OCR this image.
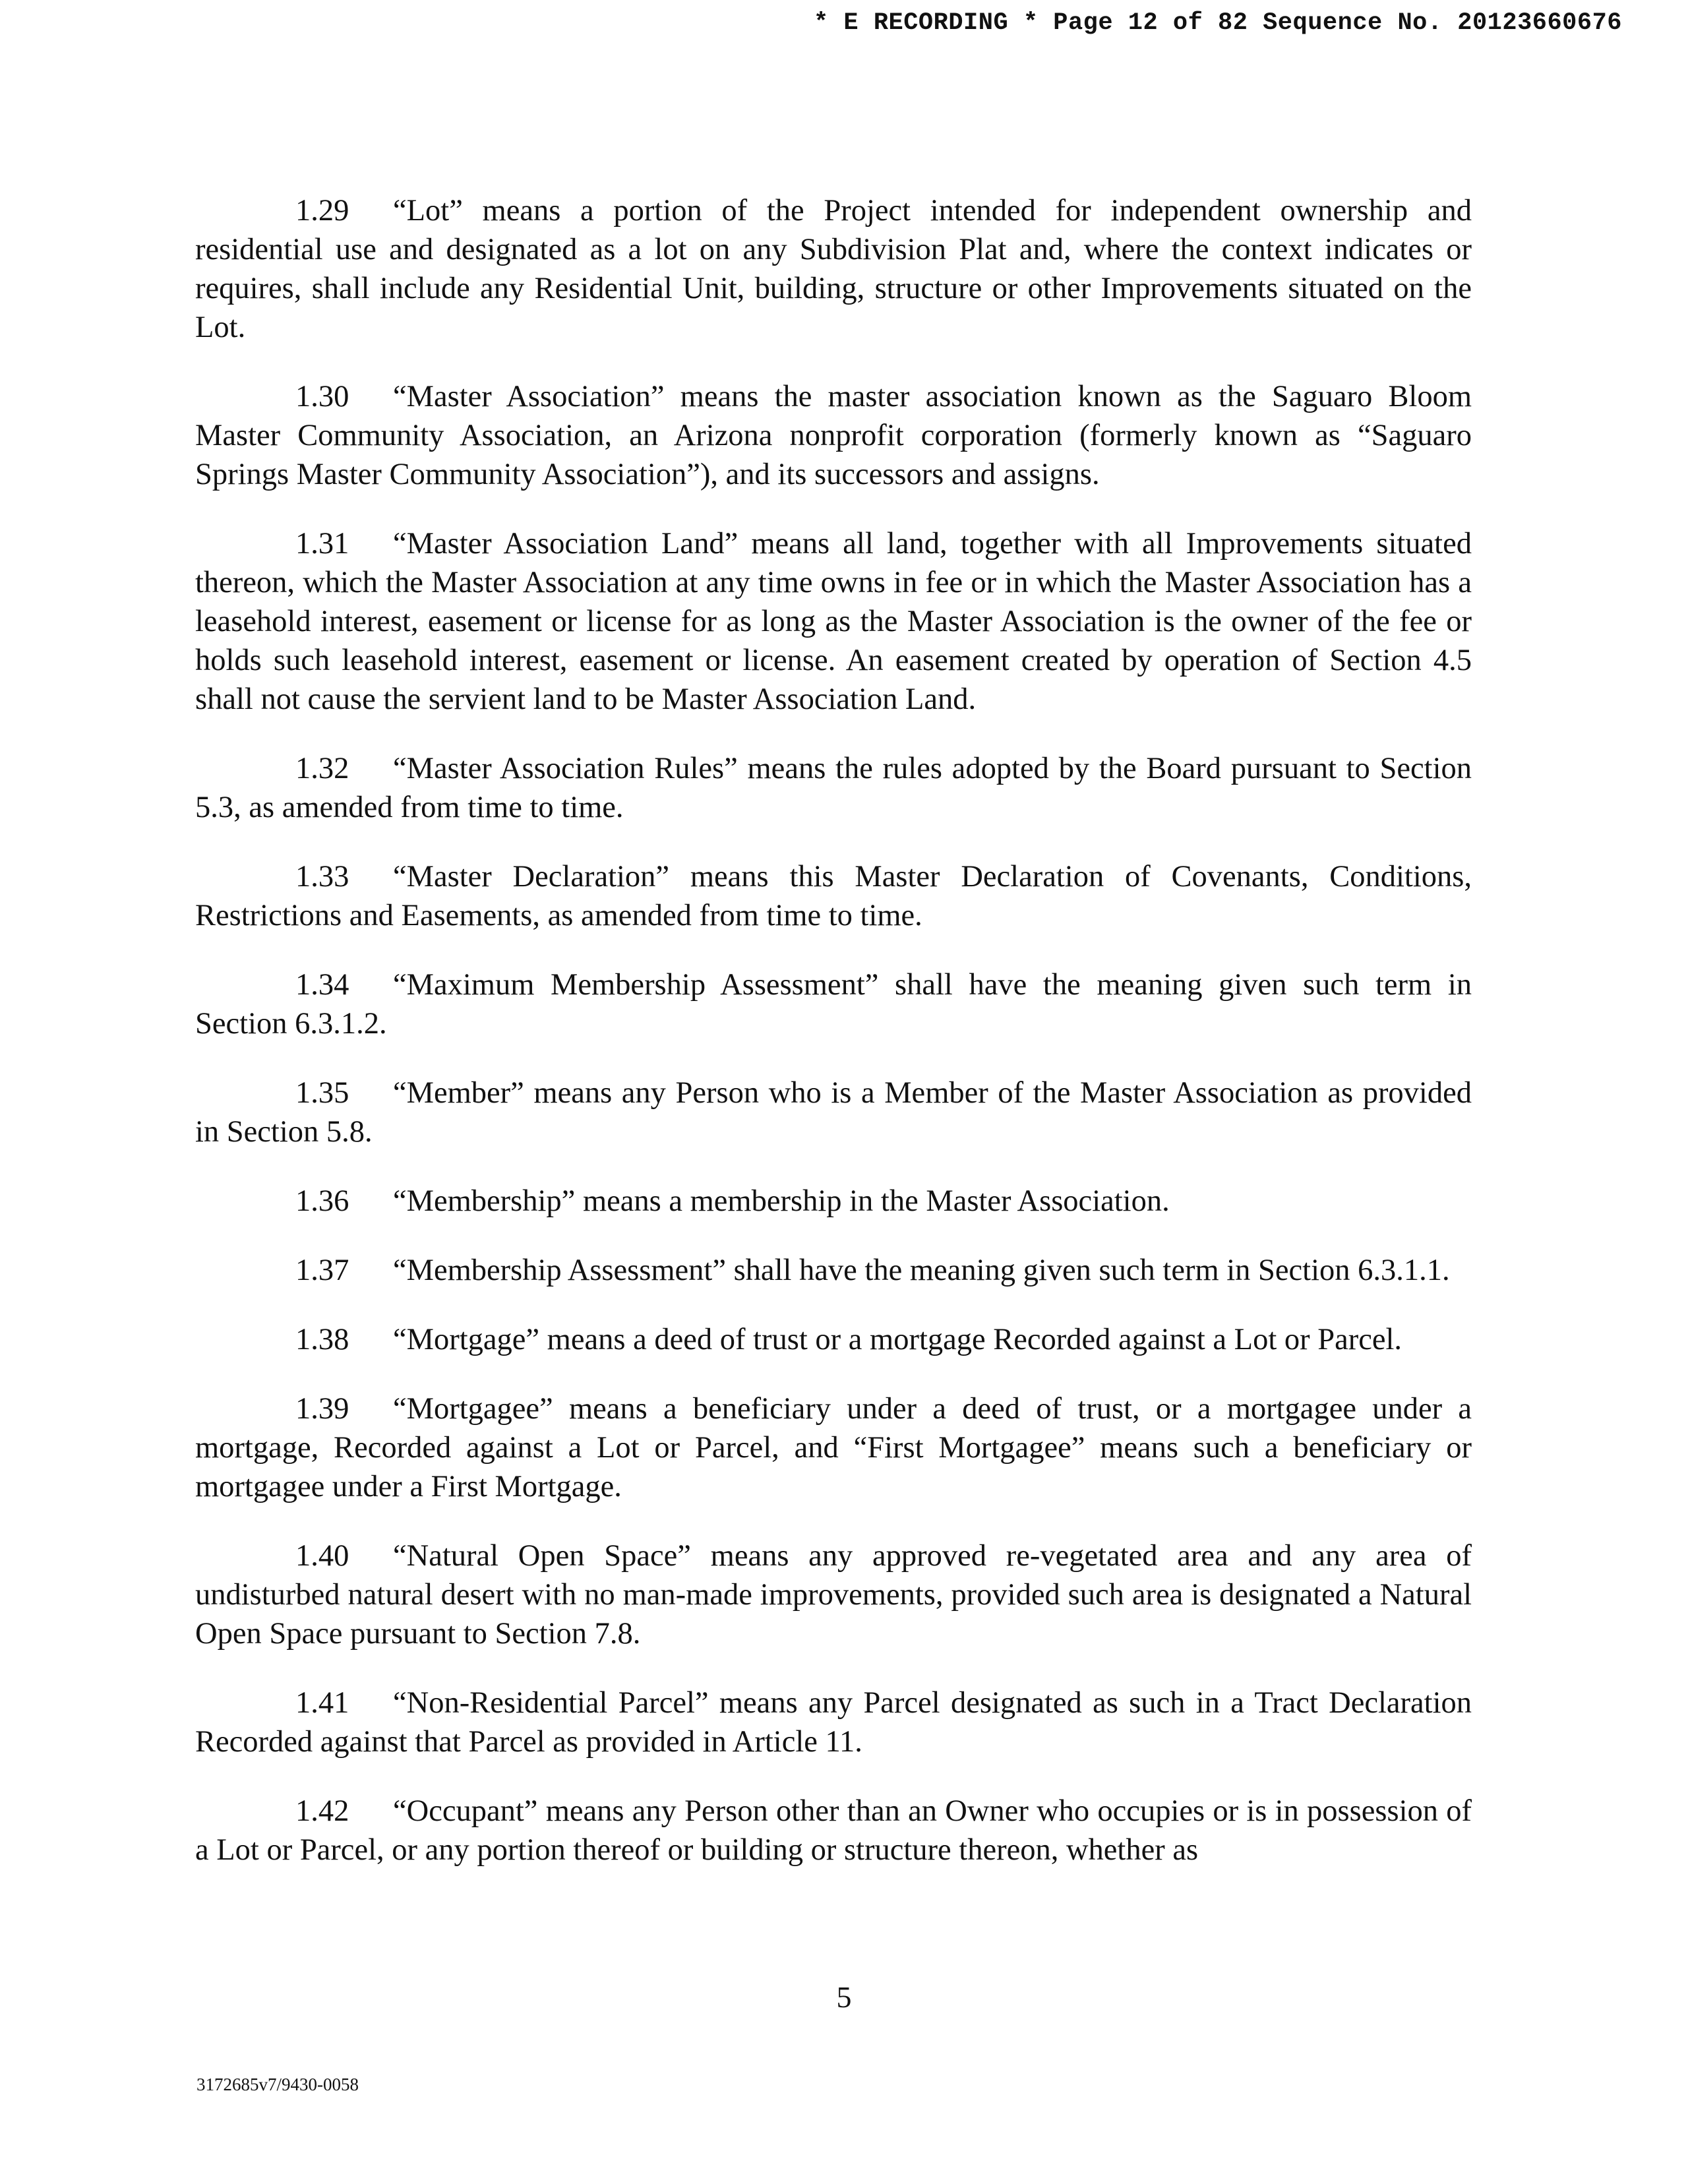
* E RECORDING * Page 12 of 82 Sequence No. 20123660676

1.29 “Lot” means a portion of the Project intended for independent ownership and residential use and designated as a lot on any Subdivision Plat and, where the context indicates or requires, shall include any Residential Unit, building, structure or other Improvements situated on the Lot.

1.30 “Master Association” means the master association known as the Saguaro Bloom Master Community Association, an Arizona nonprofit corporation (formerly known as “Saguaro Springs Master Community Association”), and its successors and assigns.

1.31 “Master Association Land” means all land, together with all Improvements situated thereon, which the Master Association at any time owns in fee or in which the Master Association has a leasehold interest, easement or license for as long as the Master Association is the owner of the fee or holds such leasehold interest, easement or license. An easement created by operation of Section 4.5 shall not cause the servient land to be Master Association Land.

1.32 “Master Association Rules” means the rules adopted by the Board pursuant to Section 5.3, as amended from time to time.

1.33 “Master Declaration” means this Master Declaration of Covenants, Conditions, Restrictions and Easements, as amended from time to time.

1.34 “Maximum Membership Assessment” shall have the meaning given such term in Section 6.3.1.2.

1.35 “Member” means any Person who is a Member of the Master Association as provided in Section 5.8.

1.36 “Membership” means a membership in the Master Association.

1.37 “Membership Assessment” shall have the meaning given such term in Section 6.3.1.1.

1.38 “Mortgage” means a deed of trust or a mortgage Recorded against a Lot or Parcel.

1.39 “Mortgagee” means a beneficiary under a deed of trust, or a mortgagee under a mortgage, Recorded against a Lot or Parcel, and “First Mortgagee” means such a beneficiary or mortgagee under a First Mortgage.

1.40 “Natural Open Space” means any approved re-vegetated area and any area of undisturbed natural desert with no man-made improvements, provided such area is designated a Natural Open Space pursuant to Section 7.8.

1.41 “Non-Residential Parcel” means any Parcel designated as such in a Tract Declaration Recorded against that Parcel as provided in Article 11.

1.42 “Occupant” means any Person other than an Owner who occupies or is in possession of a Lot or Parcel, or any portion thereof or building or structure thereon, whether as

5
3172685v7/9430-0058
